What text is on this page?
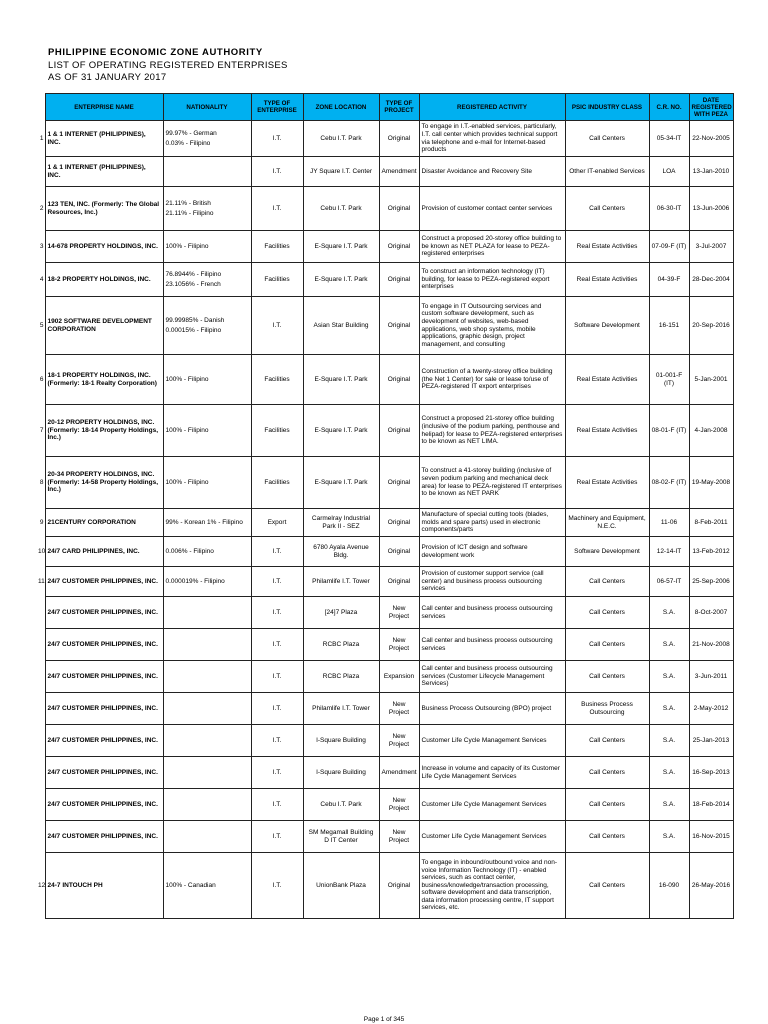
PHILIPPINE ECONOMIC ZONE AUTHORITY
LIST OF OPERATING REGISTERED ENTERPRISES
AS OF 31 JANUARY 2017
	ENTERPRISE NAME	NATIONALITY	TYPE OF ENTERPRISE	ZONE LOCATION	TYPE OF PROJECT	REGISTERED ACTIVITY	PSIC INDUSTRY CLASS	C.R. NO.	DATE REGISTERED WITH PEZA
1	1 & 1 INTERNET (PHILIPPINES), INC.	99.97% - German
0.03% - Filipino	I.T.	Cebu I.T. Park	Original	To engage in I.T.-enabled services, particularly, I.T. call center which provides technical support via telephone and e-mail for Internet-based products	Call Centers	05-34-IT	22-Nov-2005
	1 & 1 INTERNET (PHILIPPINES), INC.		I.T.	JY Square I.T. Center	Amendment	Disaster Avoidance and Recovery Site	Other IT-enabled Services	LOA	13-Jan-2010
2	123 TEN, INC. (Formerly: The Global Resources, Inc.)	21.11% - British
21.11% - Filipino	I.T.	Cebu I.T. Park	Original	Provision of customer contact center services	Call Centers	06-30-IT	13-Jun-2006
3	14-678 PROPERTY HOLDINGS, INC.	100% - Filipino	Facilities	E-Square I.T. Park	Original	Construct a proposed 20-storey office building to be known as NET PLAZA for lease to PEZA-registered enterprises	Real Estate Activities	07-09-F (IT)	3-Jul-2007
4	18-2 PROPERTY HOLDINGS, INC.	76.8944% - Filipino
23.1056% - French	Facilities	E-Square I.T. Park	Original	To construct an information technology (IT) building, for lease to PEZA-registered export enterprises	Real Estate Activities	04-39-F	28-Dec-2004
5	1902 SOFTWARE DEVELOPMENT CORPORATION	99.99985% - Danish
0.00015% - Filipino	I.T.	Asian Star Building	Original	To engage in IT Outsourcing services and custom software development, such as development of websites, web-based applications, web shop systems, mobile applications, graphic design, project management, and consulting	Software Development	16-151	20-Sep-2016
6	18-1 PROPERTY HOLDINGS, INC. (Formerly: 18-1 Realty Corporation)	100% - Filipino	Facilities	E-Square I.T. Park	Original	Construction of a twenty-storey office building (the Net 1 Center) for sale or lease to/use of PEZA-registered IT export enterprises	Real Estate Activities	01-001-F (IT)	5-Jan-2001
7	20-12 PROPERTY HOLDINGS, INC. (Formerly: 18-14 Property Holdings, Inc.)	100% - Filipino	Facilities	E-Square I.T. Park	Original	Construct a proposed 21-storey office building (inclusive of the podium parking, penthouse and helipad) for lease to PEZA-registered enterprises to be known as NET LIMA.	Real Estate Activities	08-01-F (IT)	4-Jan-2008
8	20-34 PROPERTY HOLDINGS, INC. (Formerly: 14-58 Property Holdings, Inc.)	100% - Filipino	Facilities	E-Square I.T. Park	Original	To construct a 41-storey building (inclusive of seven podium parking and mechanical deck area) for lease to PEZA-registered IT enterprises to be known as NET PARK	Real Estate Activities	08-02-F (IT)	19-May-2008
9	21CENTURY CORPORATION	99% - Korean 1% - Filipino	Export	Carmelray Industrial Park II - SEZ	Original	Manufacture of special cutting tools (blades, molds and spare parts) used in electronic components/parts	Machinery and Equipment, N.E.C.	11-06	8-Feb-2011
10	24/7 CARD PHILIPPINES, INC.	0.006% - Filipino	I.T.	6780 Ayala Avenue Bldg.	Original	Provision of ICT design and software development work	Software Development	12-14-IT	13-Feb-2012
11	24/7 CUSTOMER PHILIPPINES, INC.	0.000019% - Filipino	I.T.	Philamlife I.T. Tower	Original	Provision of customer support service (call center) and business process outsourcing services	Call Centers	06-57-IT	25-Sep-2006
	24/7 CUSTOMER PHILIPPINES, INC.		I.T.	[24]7 Plaza	New Project	Call center and business process outsourcing services	Call Centers	S.A.	8-Oct-2007
	24/7 CUSTOMER PHILIPPINES, INC.		I.T.	RCBC Plaza	New Project	Call center and business process outsourcing services	Call Centers	S.A.	21-Nov-2008
	24/7 CUSTOMER PHILIPPINES, INC.		I.T.	RCBC Plaza	Expansion	Call center and business process outsourcing services (Customer Lifecycle Management Services)	Call Centers	S.A.	3-Jun-2011
	24/7 CUSTOMER PHILIPPINES, INC.		I.T.	Philamlife I.T. Tower	New Project	Business Process Outsourcing (BPO) project	Business Process Outsourcing	S.A.	2-May-2012
	24/7 CUSTOMER PHILIPPINES, INC.		I.T.	I-Square Building	New Project	Customer Life Cycle Management Services	Call Centers	S.A.	25-Jan-2013
	24/7 CUSTOMER PHILIPPINES, INC.		I.T.	I-Square Building	Amendment	Increase in volume and capacity of its Customer Life Cycle Management Services	Call Centers	S.A.	16-Sep-2013
	24/7 CUSTOMER PHILIPPINES, INC.		I.T.	Cebu I.T. Park	New Project	Customer Life Cycle Management Services	Call Centers	S.A.	18-Feb-2014
	24/7 CUSTOMER PHILIPPINES, INC.		I.T.	SM Megamall Building D IT Center	New Project	Customer Life Cycle Management Services	Call Centers	S.A.	16-Nov-2015
12	24-7 INTOUCH PH	100% - Canadian	I.T.	UnionBank Plaza	Original	To engage in inbound/outbound voice and non-voice Information Technology (IT) - enabled services, such as contact center, business/knowledge/transaction processing, software development and data transcription, data information processing centre, IT support services, etc.	Call Centers	16-090	26-May-2016
Page 1 of 345
